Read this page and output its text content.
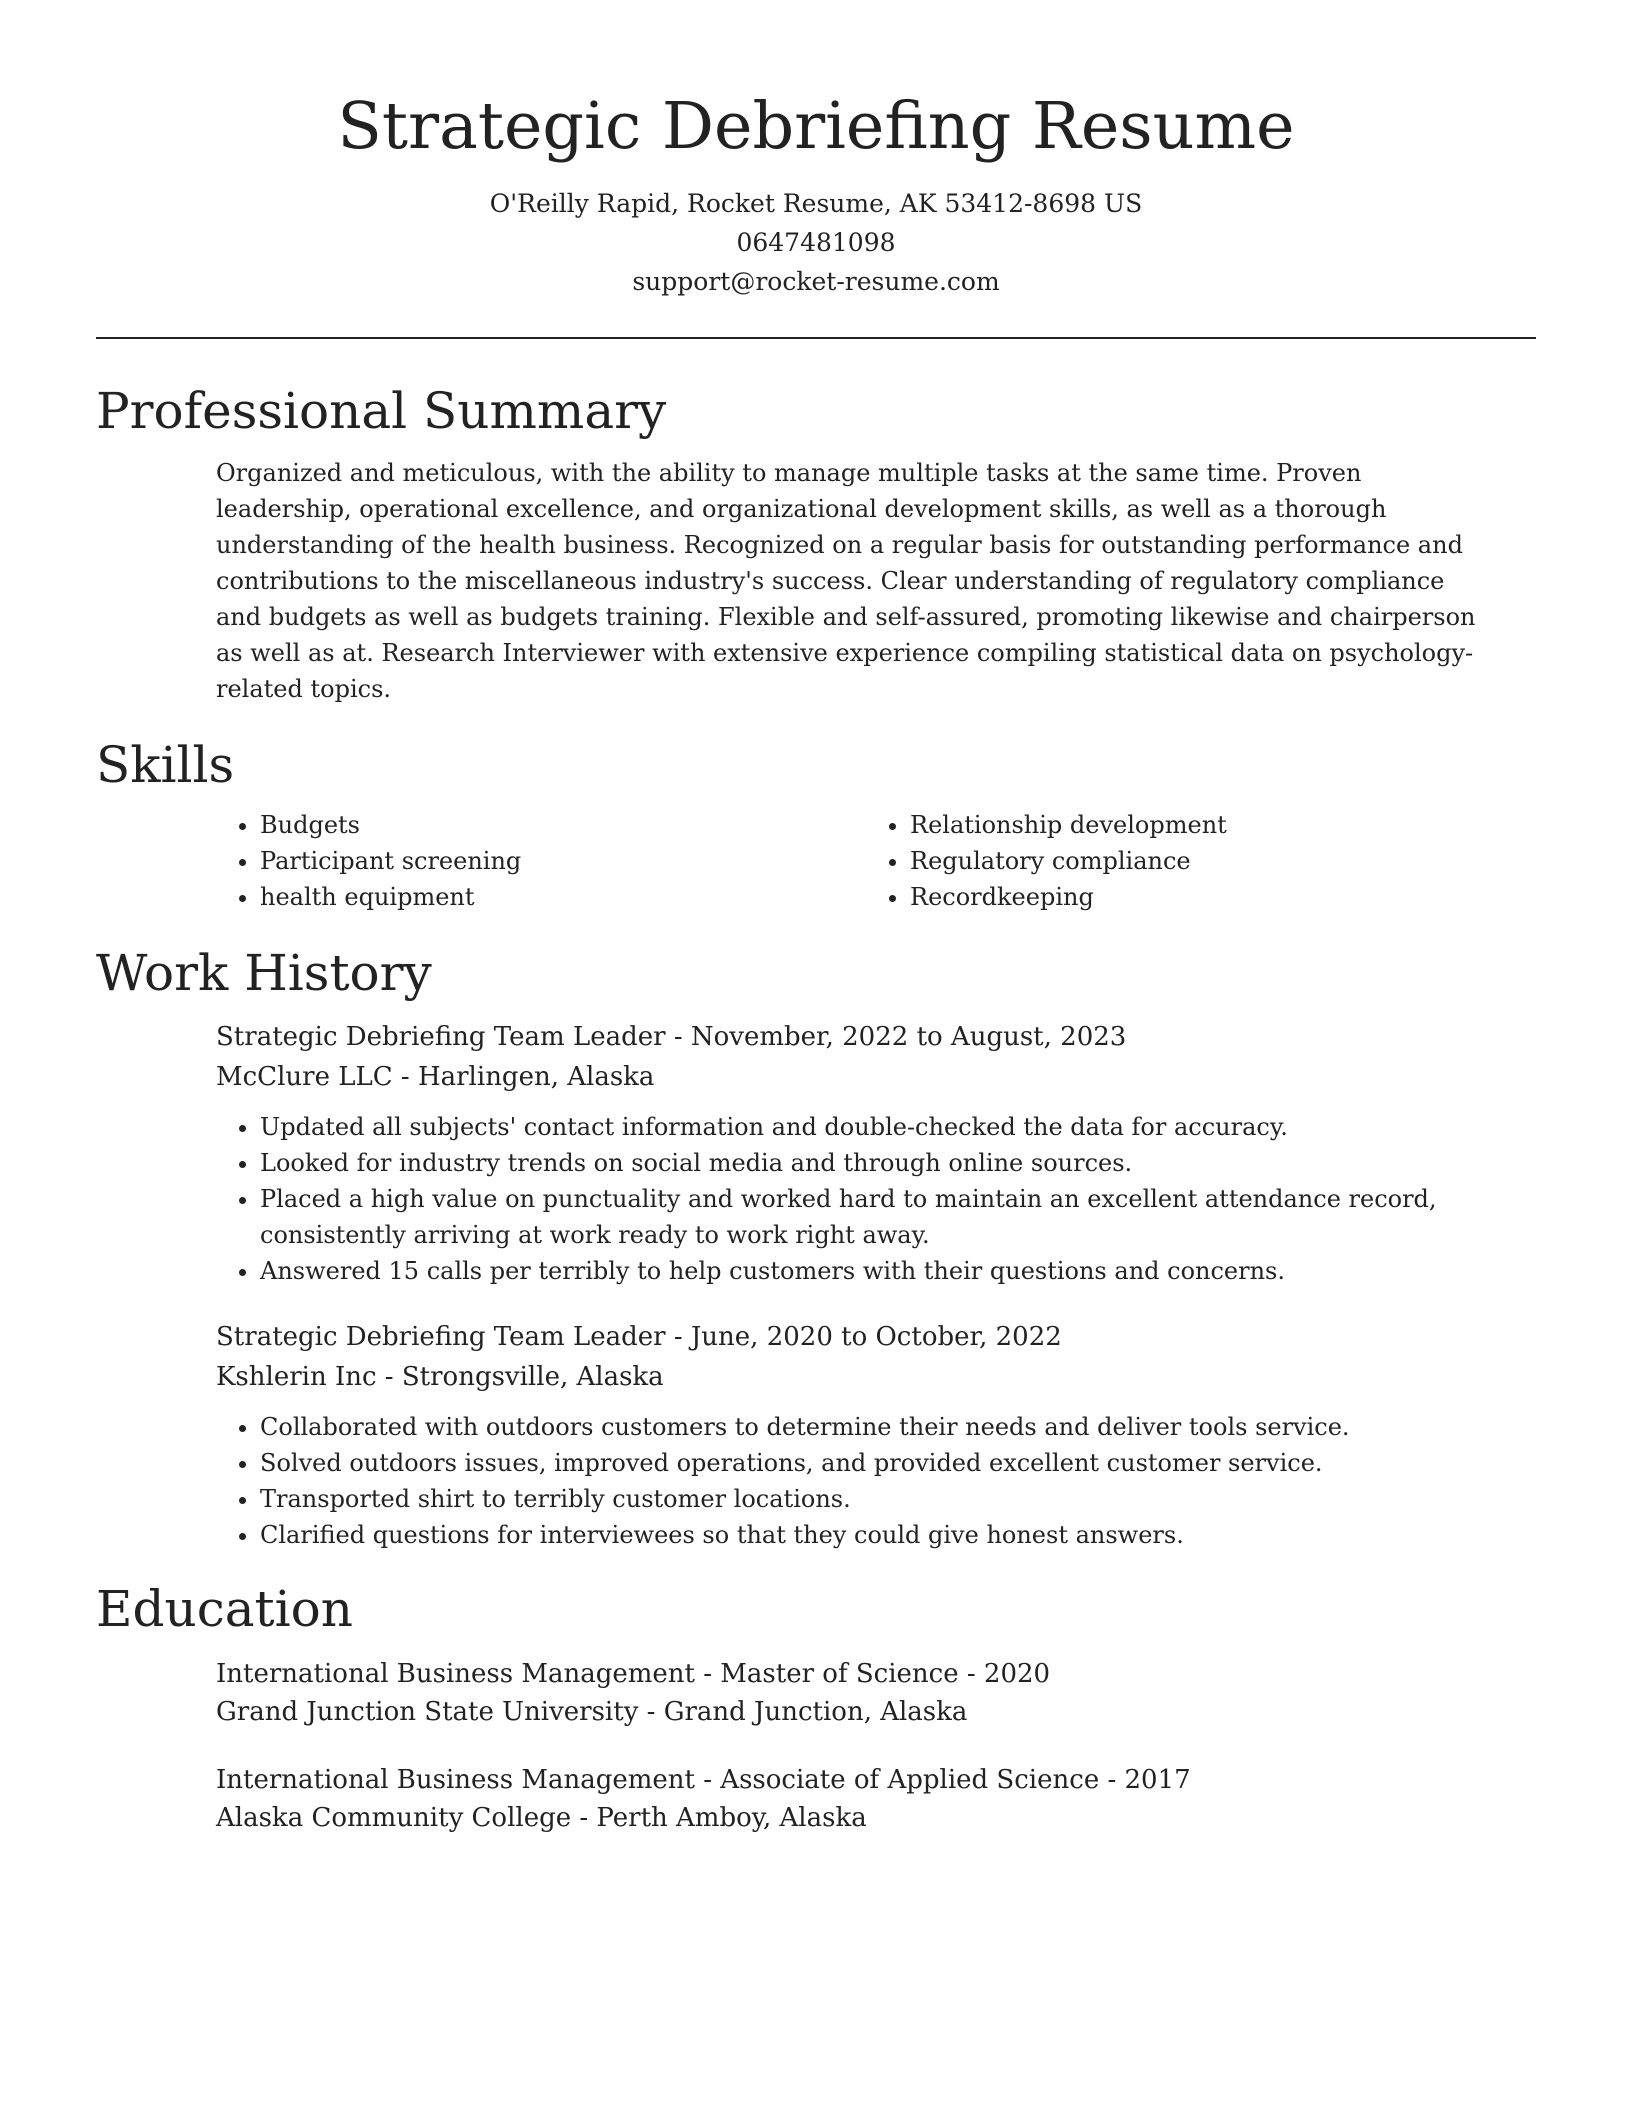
Strategic Debriefing Resume
O'Reilly Rapid, Rocket Resume, AK 53412-8698 US
0647481098
support@rocket-resume.com
Professional Summary

Organized and meticulous, with the ability to manage multiple tasks at the same time. Proven leadership, operational excellence, and organizational development skills, as well as a thorough understanding of the health business. Recognized on a regular basis for outstanding performance and contributions to the miscellaneous industry's success. Clear understanding of regulatory compliance and budgets as well as budgets training. Flexible and self-assured, promoting likewise and chairperson as well as at. Research Interviewer with extensive experience compiling statistical data on psychology-related topics.

Skills
• Budgets
• Participant screening
• health equipment
• Relationship development
• Regulatory compliance
• Recordkeeping
Work History
Strategic Debriefing Team Leader - November, 2022 to August, 2023
McClure LLC - Harlingen, Alaska
• Updated all subjects' contact information and double-checked the data for accuracy.
• Looked for industry trends on social media and through online sources.
• Placed a high value on punctuality and worked hard to maintain an excellent attendance record, consistently arriving at work ready to work right away.
• Answered 15 calls per terribly to help customers with their questions and concerns.
Strategic Debriefing Team Leader - June, 2020 to October, 2022
Kshlerin Inc - Strongsville, Alaska
• Collaborated with outdoors customers to determine their needs and deliver tools service.
• Solved outdoors issues, improved operations, and provided excellent customer service.
• Transported shirt to terribly customer locations.
• Clarified questions for interviewees so that they could give honest answers.
Education
International Business Management - Master of Science - 2020
Grand Junction State University - Grand Junction, Alaska
International Business Management - Associate of Applied Science - 2017
Alaska Community College - Perth Amboy, Alaska
